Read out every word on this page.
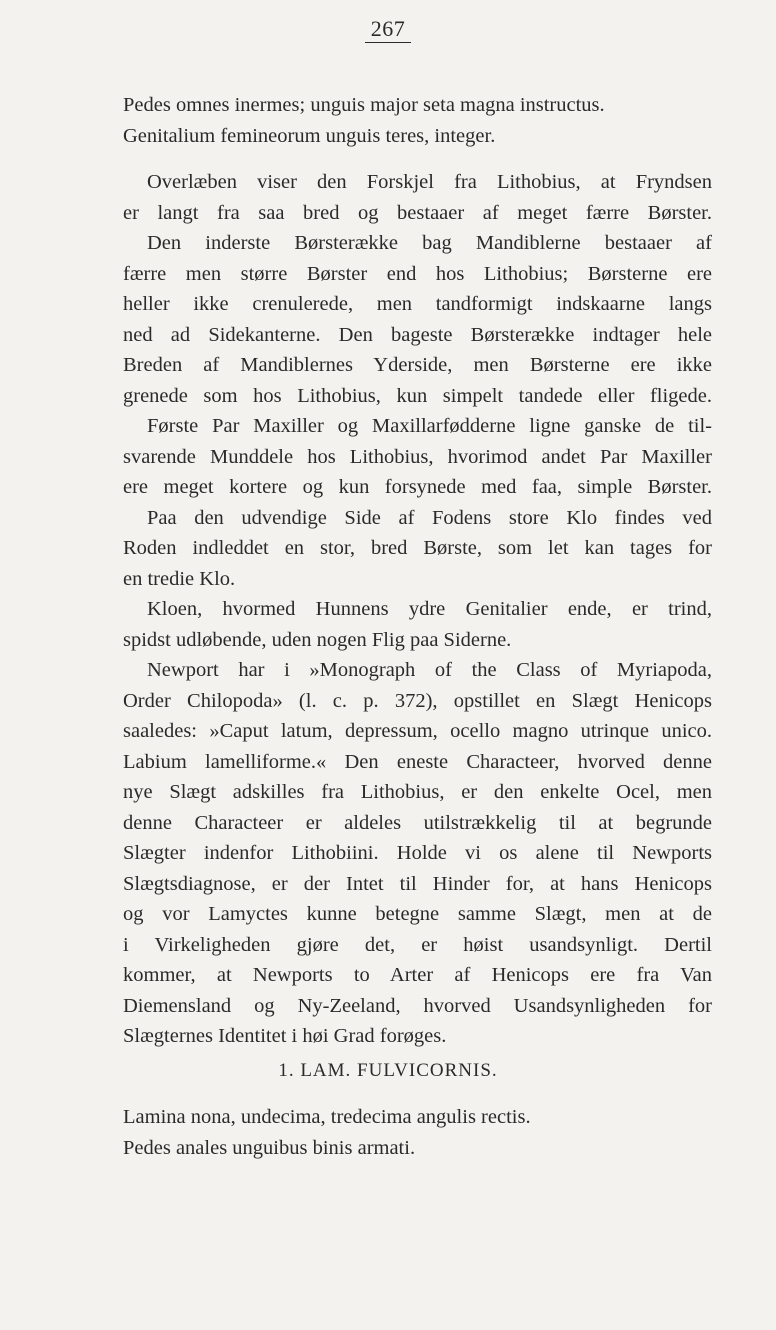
267
Pedes omnes inermes; unguis major seta magna instructus.
Genitalium femineorum unguis teres, integer.
Overlæben viser den Forskjel fra Lithobius, at Fryndsen
er langt fra saa bred og bestaaer af meget færre Børster.
Den inderste Børsterække bag Mandiblerne bestaaer af
færre men større Børster end hos Lithobius; Børsterne ere
heller ikke crenulerede, men tandformigt indskaarne langs
ned ad Sidekanterne. Den bageste Børsterække indtager hele
Breden af Mandiblernes Yderside, men Børsterne ere ikke
grenede som hos Lithobius, kun simpelt tandede eller fligede.
Første Par Maxiller og Maxillarfødderne ligne ganske de til-
svarende Munddele hos Lithobius, hvorimod andet Par Maxiller
ere meget kortere og kun forsynede med faa, simple Børster.
Paa den udvendige Side af Fodens store Klo findes ved
Roden indleddet en stor, bred Børste, som let kan tages for
en tredie Klo.
Kloen, hvormed Hunnens ydre Genitalier ende, er trind,
spidst udløbende, uden nogen Flig paa Siderne.
Newport har i »Monograph of the Class of Myriapoda,
Order Chilopoda» (l. c. p. 372), opstillet en Slægt Henicops
saaledes: »Caput latum, depressum, ocello magno utrinque unico.
Labium lamelliforme.« Den eneste Characteer, hvorved denne
nye Slægt adskilles fra Lithobius, er den enkelte Ocel, men
denne Characteer er aldeles utilstrækkelig til at begrunde
Slægter indenfor Lithobiini. Holde vi os alene til Newports
Slægtsdiagnose, er der Intet til Hinder for, at hans Henicops
og vor Lamyctes kunne betegne samme Slægt, men at de
i Virkeligheden gjøre det, er høist usandsynligt. Dertil
kommer, at Newports to Arter af Henicops ere fra Van
Diemensland og Ny-Zeeland, hvorved Usandsynligheden for
Slægternes Identitet i høi Grad forøges.
1. LAM. FULVICORNIS.
Lamina nona, undecima, tredecima angulis rectis.
Pedes anales unguibus binis armati.
